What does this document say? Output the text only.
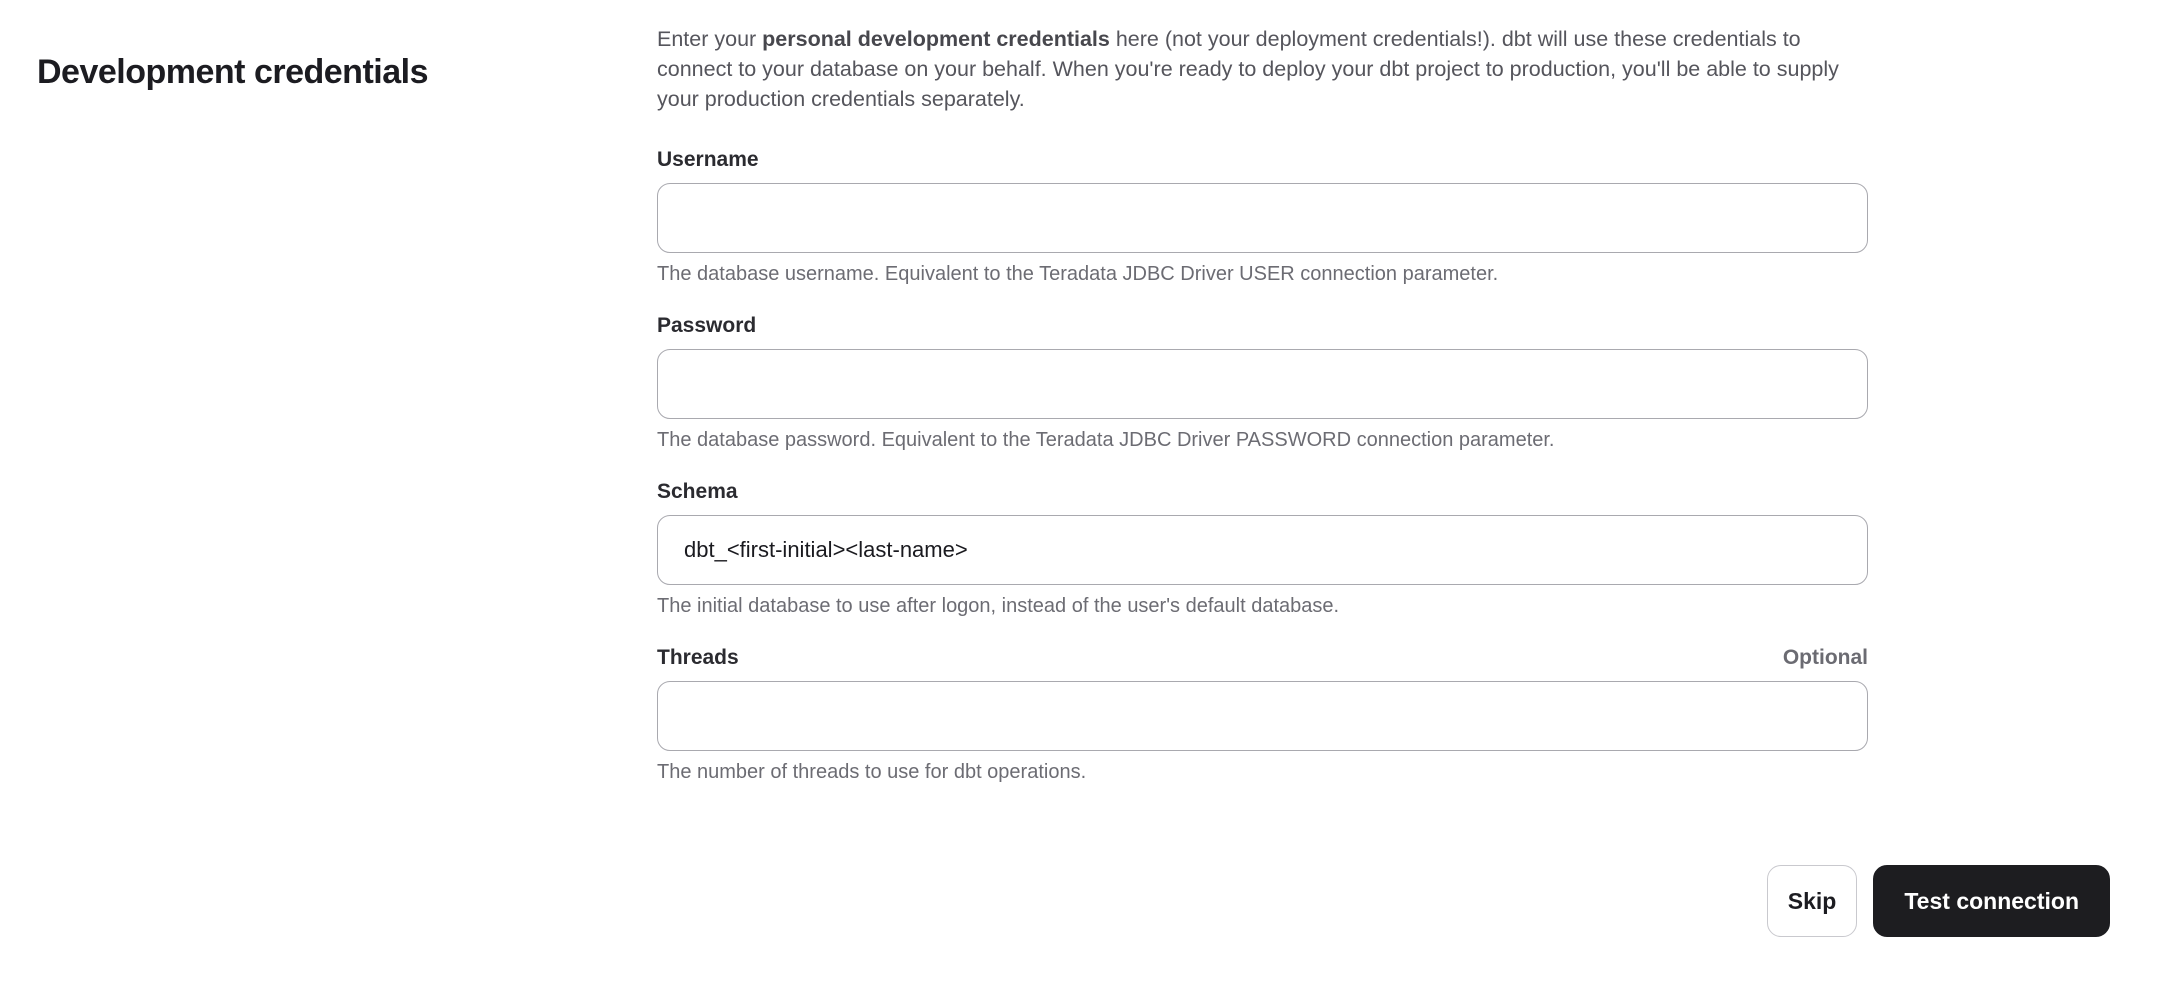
Development credentials

Enter your personal development credentials here (not your deployment credentials!). dbt will use these credentials to connect to your database on your behalf. When you're ready to deploy your dbt project to production, you'll be able to supply your production credentials separately.

Username
The database username. Equivalent to the Teradata JDBC Driver USER connection parameter.
Password
The database password. Equivalent to the Teradata JDBC Driver PASSWORD connection parameter.
Schema
dbt_<first-initial><last-name>
The initial database to use after logon, instead of the user's default database.
Threads	Optional
The number of threads to use for dbt operations.
Skip	Test connection
